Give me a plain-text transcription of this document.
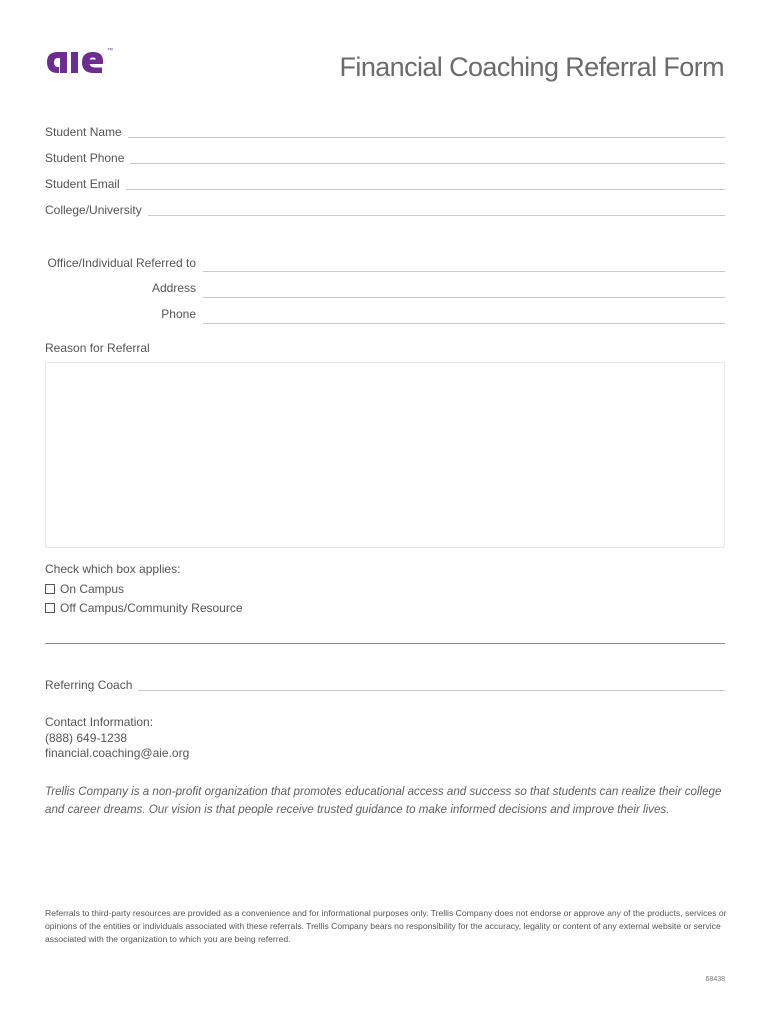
™
Financial Coaching Referral Form
Student Name
Student Phone
Student Email
College/University
Office/Individual Referred to
Address
Phone
Reason for Referral
Check which box applies:
On Campus
Off Campus/Community Resource
Referring Coach
Contact Information:
(888) 649-1238
financial.coaching@aie.org
Trellis Company is a non-profit organization that promotes educational access and success so that students can realize their college and career dreams. Our vision is that people receive trusted guidance to make informed decisions and improve their lives.
Referrals to third-party resources are provided as a convenience and for informational purposes only. Trellis Company does not endorse or approve any of the products, services or opinions of the entities or individuals associated with these referrals. Trellis Company bears no responsibility for the accuracy, legality or content of any external website or service associated with the organization to which you are being referred.
68438
